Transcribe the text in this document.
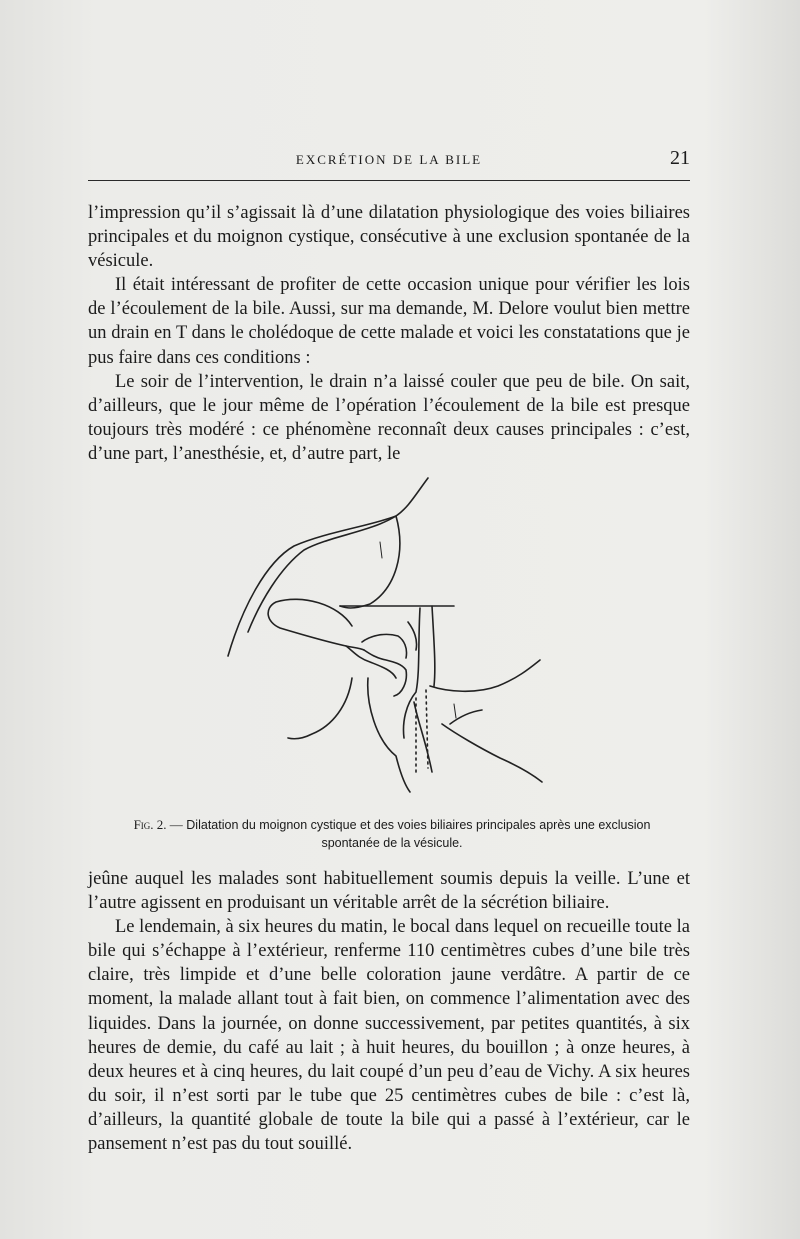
EXCRÉTION DE LA BILE	21

l’impression qu’il s’agissait là d’une dilatation physiologique des voies biliaires principales et du moignon cystique, consécutive à une exclusion spontanée de la vésicule.

Il était intéressant de profiter de cette occasion unique pour vérifier les lois de l’écoulement de la bile. Aussi, sur ma demande, M. Delore voulut bien mettre un drain en T dans le cholédoque de cette malade et voici les constatations que je pus faire dans ces conditions :

Le soir de l’intervention, le drain n’a laissé couler que peu de bile. On sait, d’ailleurs, que le jour même de l’opération l’écoulement de la bile est presque toujours très modéré : ce phénomène reconnaît deux causes principales : c’est, d’une part, l’anesthésie, et, d’autre part, le

Fig. 2. — Dilatation du moignon cystique et des voies biliaires principales après une exclusion spontanée de la vésicule.

jeûne auquel les malades sont habituellement soumis depuis la veille. L’une et l’autre agissent en produisant un véritable arrêt de la sécrétion biliaire.

Le lendemain, à six heures du matin, le bocal dans lequel on recueille toute la bile qui s’échappe à l’extérieur, renferme 110 centimètres cubes d’une bile très claire, très limpide et d’une belle coloration jaune verdâtre. A partir de ce moment, la malade allant tout à fait bien, on commence l’alimentation avec des liquides. Dans la journée, on donne successivement, par petites quantités, à six heures de demie, du café au lait ; à huit heures, du bouillon ; à onze heures, à deux heures et à cinq heures, du lait coupé d’un peu d’eau de Vichy. A six heures du soir, il n’est sorti par le tube que 25 centimètres cubes de bile : c’est là, d’ailleurs, la quantité globale de toute la bile qui a passé à l’extérieur, car le pansement n’est pas du tout souillé.
